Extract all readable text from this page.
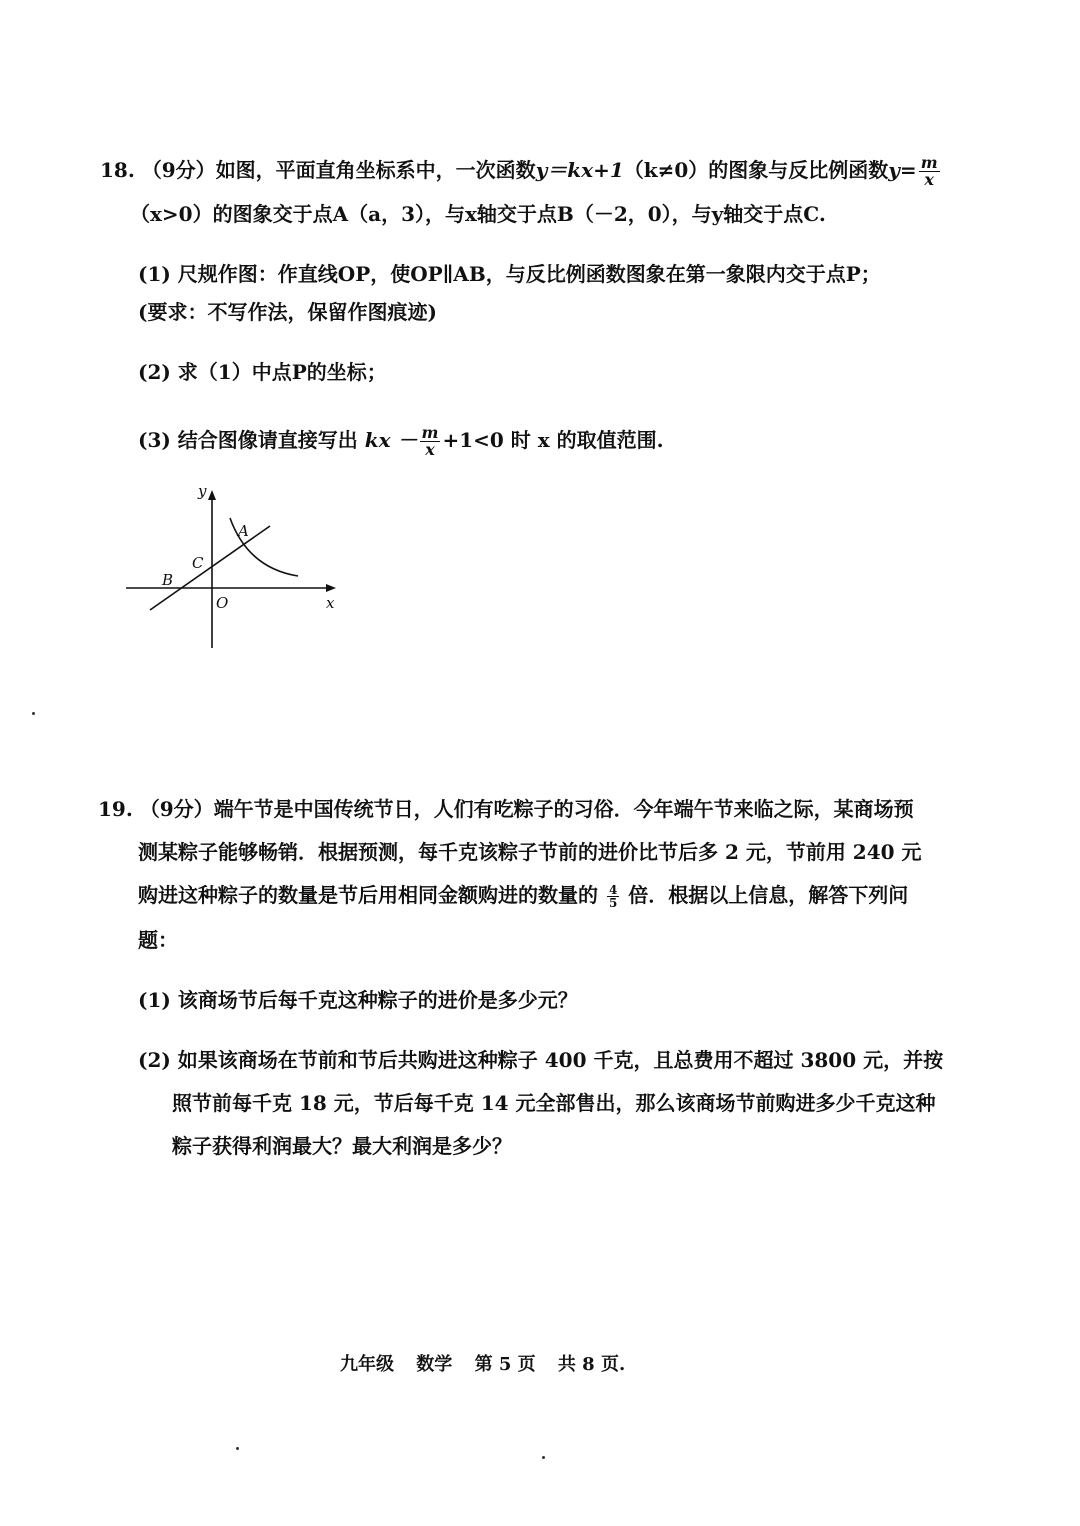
18. （9分）如图，平面直角坐标系中，一次函数y＝kx+1（k≠0）的图象与反比例函数$y= \frac{m}{x}$
（x>0）的图象交于点A（a，3），与x轴交于点B（－2，0），与y轴交于点C.
(1) 尺规作图：作直线OP，使OP∥AB，与反比例函数图象在第一象限内交于点P；
(要求：不写作法，保留作图痕迹)
(2) 求（1）中点P的坐标；
(3) 结合图像请直接写出 kx － $\frac{m}{x} +1<0$ 时 x 的取值范围.
y
x
O
A
B
C
19. （9分）端午节是中国传统节日，人们有吃粽子的习俗．今年端午节来临之际，某商场预
测某粽子能够畅销．根据预测，每千克该粽子节前的进价比节后多 2 元，节前用 240 元
购进这种粽子的数量是节后用相同金额购进的数量的 $\frac{4}{5}$ 倍．根据以上信息，解答下列问
题：
(1) 该商场节后每千克这种粽子的进价是多少元？
(2) 如果该商场在节前和节后共购进这种粽子 400 千克，且总费用不超过 3800 元，并按
照节前每千克 18 元，节后每千克 14 元全部售出，那么该商场节前购进多少千克这种
粽子获得利润最大？最大利润是多少？
九年级 数学 第 5 页 共 8 页.
